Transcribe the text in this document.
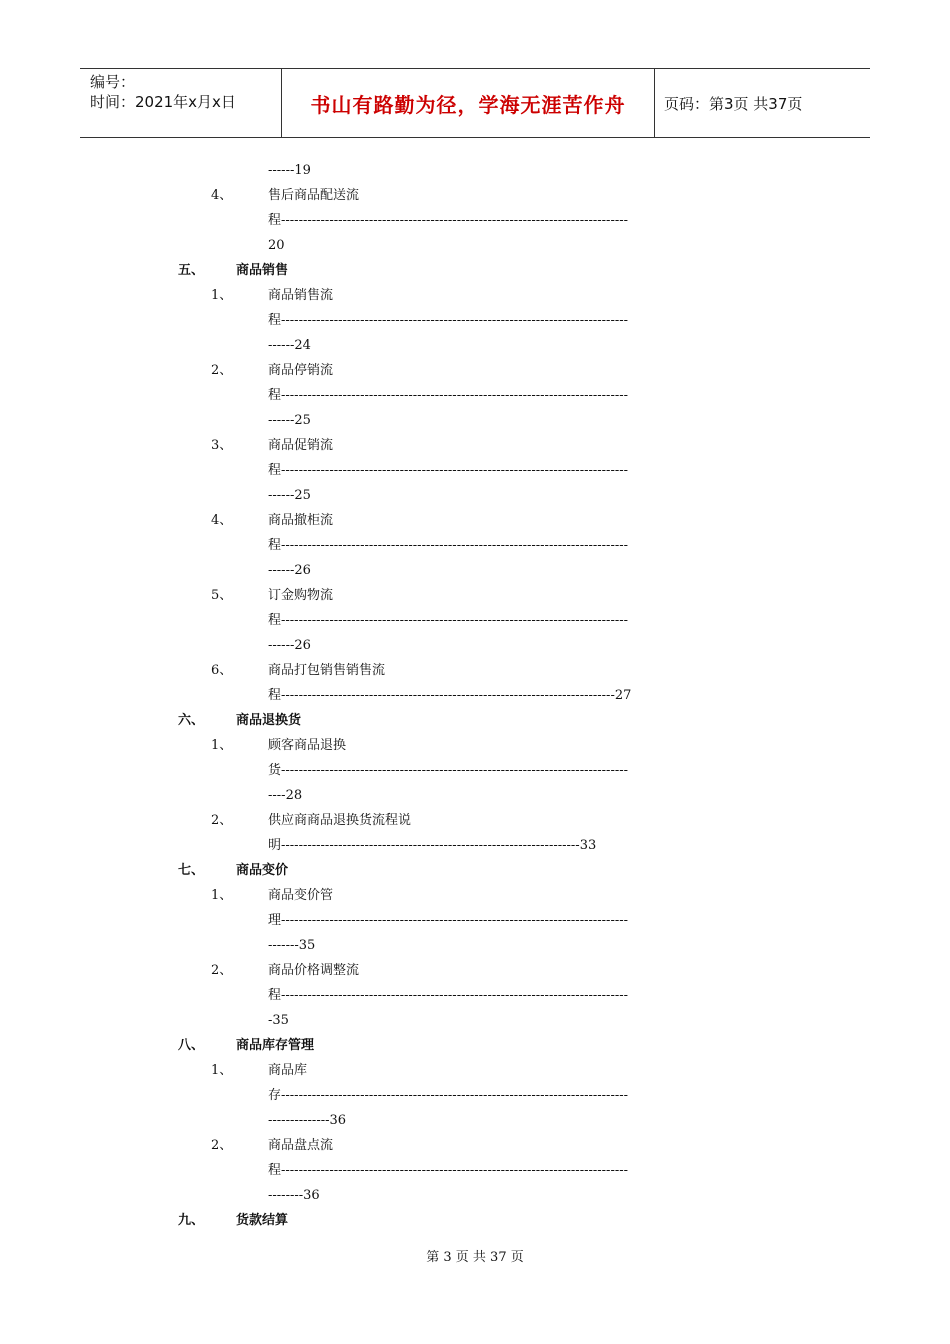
编号：
时间：2021年x月x日	书山有路勤为径，学海无涯苦作舟	页码：第3页 共37页
------19
4、	售后商品配送流
程-------------------------------------------------------------------------------
20
五、 商品销售
1、	商品销售流
程-------------------------------------------------------------------------------
------24
2、	商品停销流
程-------------------------------------------------------------------------------
------25
3、	商品促销流
程-------------------------------------------------------------------------------
------25
4、	商品撤柜流
程-------------------------------------------------------------------------------
------26
5、	订金购物流
程-------------------------------------------------------------------------------
------26
6、	商品打包销售销售流
程----------------------------------------------------------------------------27
六、 商品退换货
1、	顾客商品退换
货-------------------------------------------------------------------------------
----28
2、	供应商商品退换货流程说
明--------------------------------------------------------------------33
七、 商品变价
1、	商品变价管
理-------------------------------------------------------------------------------
-------35
2、	商品价格调整流
程-------------------------------------------------------------------------------
-35
八、 商品库存管理
1、	商品库
存-------------------------------------------------------------------------------
--------------36
2、	商品盘点流
程-------------------------------------------------------------------------------
--------36
九、 货款结算
第 3 页 共 37 页
